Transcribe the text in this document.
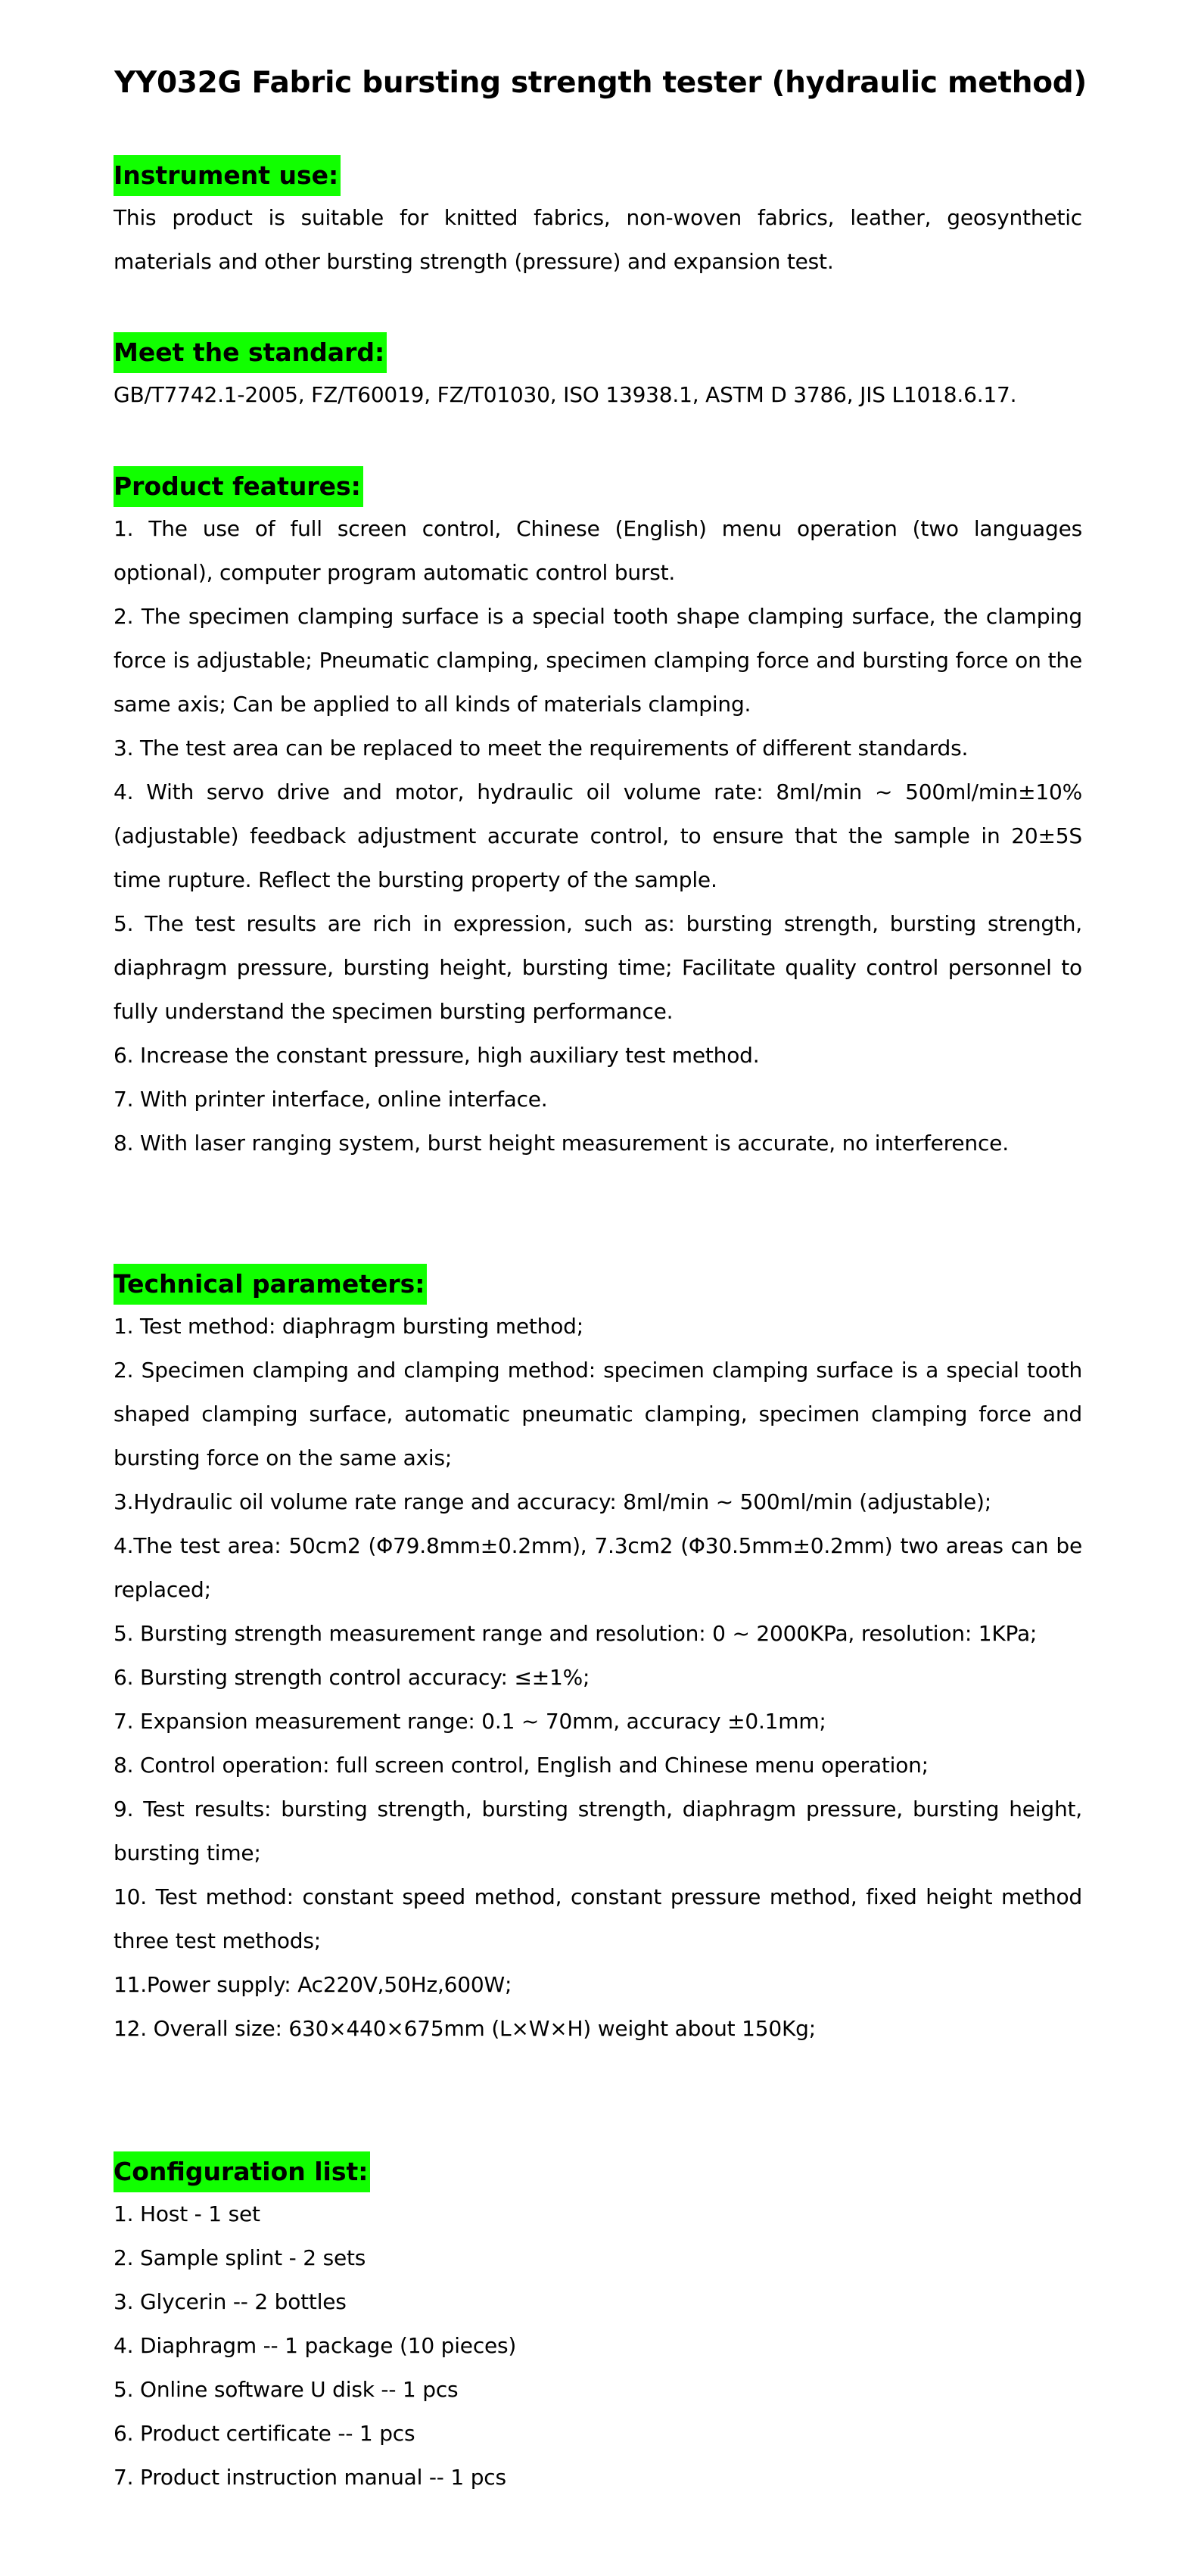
YY032G Fabric bursting strength tester (hydraulic method)
Instrument use:

This product is suitable for knitted fabrics, non-woven fabrics, leather, geosynthetic materials and other bursting strength (pressure) and expansion test.

Meet the standard:

GB/T7742.1-2005, FZ/T60019, FZ/T01030, ISO 13938.1, ASTM D 3786, JIS L1018.6.17.

Product features:
1. The use of full screen control, Chinese (English) menu operation (two languages optional), computer program automatic control burst.
2. The specimen clamping surface is a special tooth shape clamping surface, the clamping force is adjustable; Pneumatic clamping, specimen clamping force and bursting force on the same axis; Can be applied to all kinds of materials clamping.
3. The test area can be replaced to meet the requirements of different standards.
4. With servo drive and motor, hydraulic oil volume rate: 8ml/min ~ 500ml/min±10% (adjustable) feedback adjustment accurate control, to ensure that the sample in 20±5S time rupture. Reflect the bursting property of the sample.
5. The test results are rich in expression, such as: bursting strength, bursting strength, diaphragm pressure, bursting height, bursting time; Facilitate quality control personnel to fully understand the specimen bursting performance.
6. Increase the constant pressure, high auxiliary test method.
7. With printer interface, online interface.
8. With laser ranging system, burst height measurement is accurate, no interference.
Technical parameters:
1. Test method: diaphragm bursting method;
2. Specimen clamping and clamping method: specimen clamping surface is a special tooth shaped clamping surface, automatic pneumatic clamping, specimen clamping force and bursting force on the same axis;
3.Hydraulic oil volume rate range and accuracy: 8ml/min ~ 500ml/min (adjustable);
4.The test area: 50cm2 (Φ79.8mm±0.2mm), 7.3cm2 (Φ30.5mm±0.2mm) two areas can be replaced;
5. Bursting strength measurement range and resolution: 0 ~ 2000KPa, resolution: 1KPa;
6. Bursting strength control accuracy: ≤±1%;
7. Expansion measurement range: 0.1 ~ 70mm, accuracy ±0.1mm;
8. Control operation: full screen control, English and Chinese menu operation;
9. Test results: bursting strength, bursting strength, diaphragm pressure, bursting height, bursting time;
10. Test method: constant speed method, constant pressure method, fixed height method three test methods;
11.Power supply: Ac220V,50Hz,600W;
12. Overall size: 630×440×675mm (L×W×H) weight about 150Kg;
Configuration list:
1. Host - 1 set
2. Sample splint - 2 sets
3. Glycerin -- 2 bottles
4. Diaphragm -- 1 package (10 pieces)
5. Online software U disk -- 1 pcs
6. Product certificate -- 1 pcs
7. Product instruction manual -- 1 pcs
